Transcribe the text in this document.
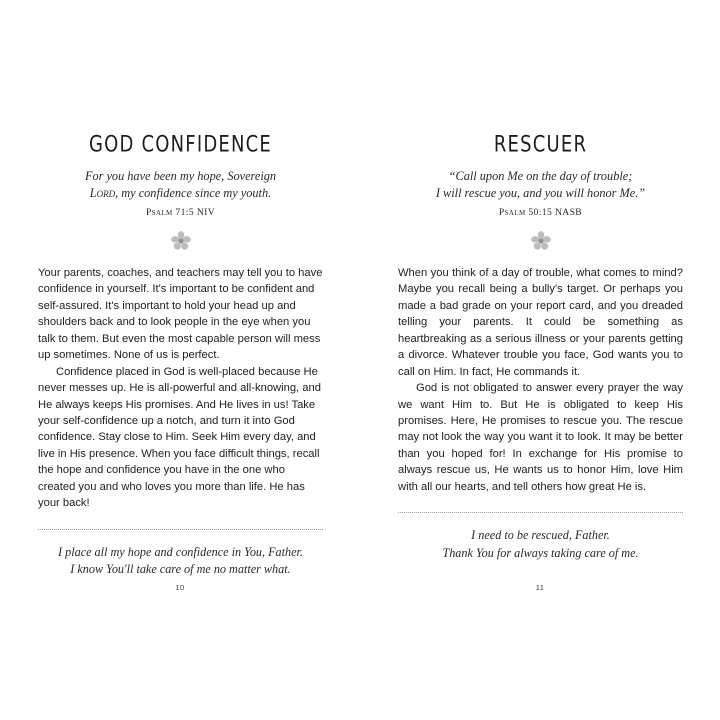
GOD CONFIDENCE
For you have been my hope, Sovereign
Lord, my confidence since my youth.
Psalm 71:5 NIV

Your parents, coaches, and teachers may tell you to have confidence in yourself. It's important to be confident and self-assured. It's important to hold your head up and shoulders back and to look people in the eye when you talk to them. But even the most capable person will mess up sometimes. None of us is perfect.

Confidence placed in God is well-placed because He never messes up. He is all-powerful and all-knowing, and He always keeps His promises. And He lives in us! Take your self-confidence up a notch, and turn it into God confidence. Stay close to Him. Seek Him every day, and live in His presence. When you face difficult things, recall the hope and confidence you have in the one who created you and who loves you more than life. He has your back!

I place all my hope and confidence in You, Father.
I know You'll take care of me no matter what.
10
RESCUER
“Call upon Me on the day of trouble;
I will rescue you, and you will honor Me.”
Psalm 50:15 NASB

When you think of a day of trouble, what comes to mind? Maybe you recall being a bully's target. Or perhaps you made a bad grade on your report card, and you dreaded telling your parents. It could be something as heartbreaking as a serious illness or your parents getting a divorce. Whatever trouble you face, God wants you to call on Him. In fact, He commands it.

God is not obligated to answer every prayer the way we want Him to. But He is obligated to keep His promises. Here, He promises to rescue you. The rescue may not look the way you want it to look. It may be better than you hoped for! In exchange for His promise to always rescue us, He wants us to honor Him, love Him with all our hearts, and tell others how great He is.

I need to be rescued, Father.
Thank You for always taking care of me.
11
